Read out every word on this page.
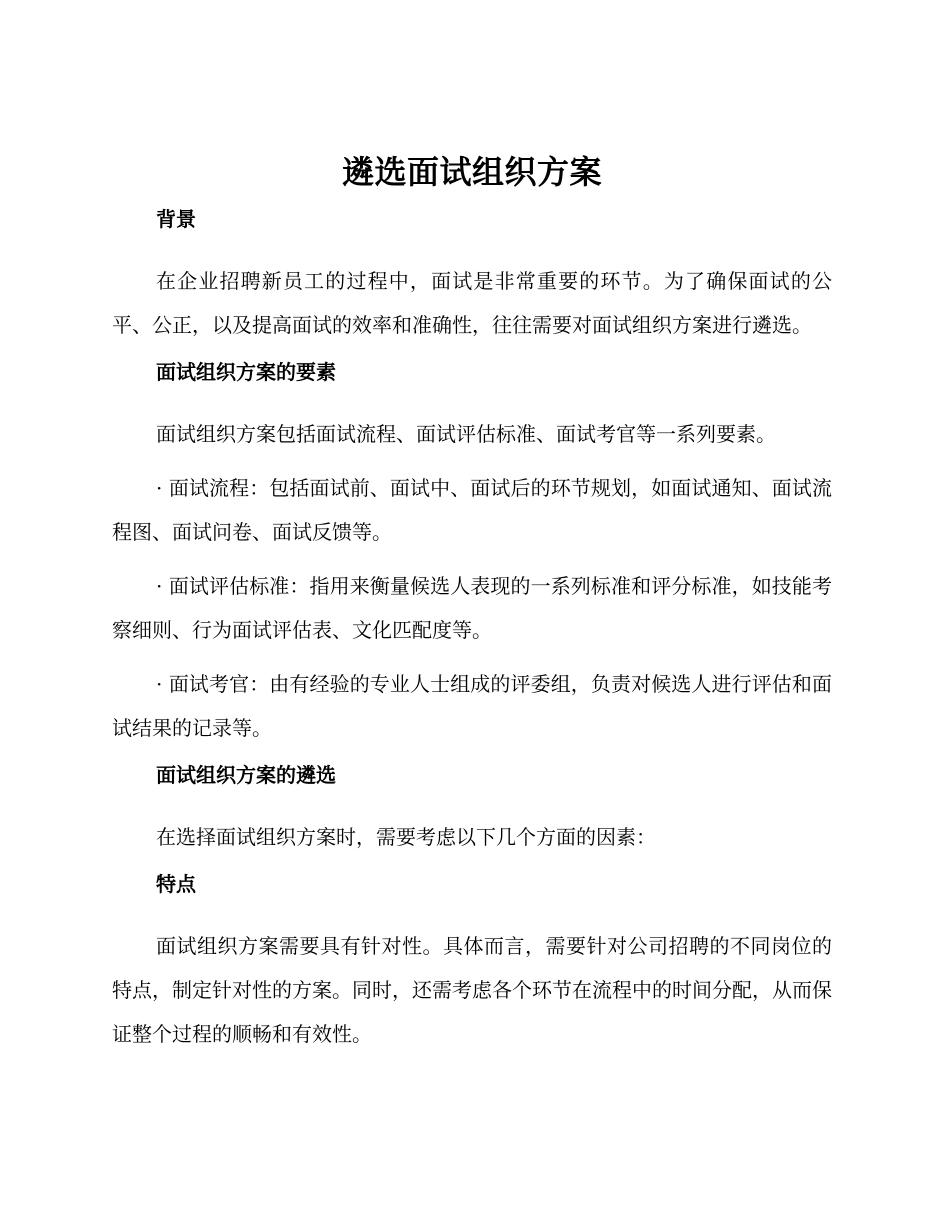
遴选面试组织方案
背景

在企业招聘新员工的过程中，面试是非常重要的环节。为了确保面试的公平、公正，以及提高面试的效率和准确性，往往需要对面试组织方案进行遴选。

面试组织方案的要素

面试组织方案包括面试流程、面试评估标准、面试考官等一系列要素。

· 面试流程：包括面试前、面试中、面试后的环节规划，如面试通知、面试流程图、面试问卷、面试反馈等。

· 面试评估标准：指用来衡量候选人表现的一系列标准和评分标准，如技能考察细则、行为面试评估表、文化匹配度等。

· 面试考官：由有经验的专业人士组成的评委组，负责对候选人进行评估和面试结果的记录等。

面试组织方案的遴选

在选择面试组织方案时，需要考虑以下几个方面的因素：

特点

面试组织方案需要具有针对性。具体而言，需要针对公司招聘的不同岗位的特点，制定针对性的方案。同时，还需考虑各个环节在流程中的时间分配，从而保证整个过程的顺畅和有效性。
